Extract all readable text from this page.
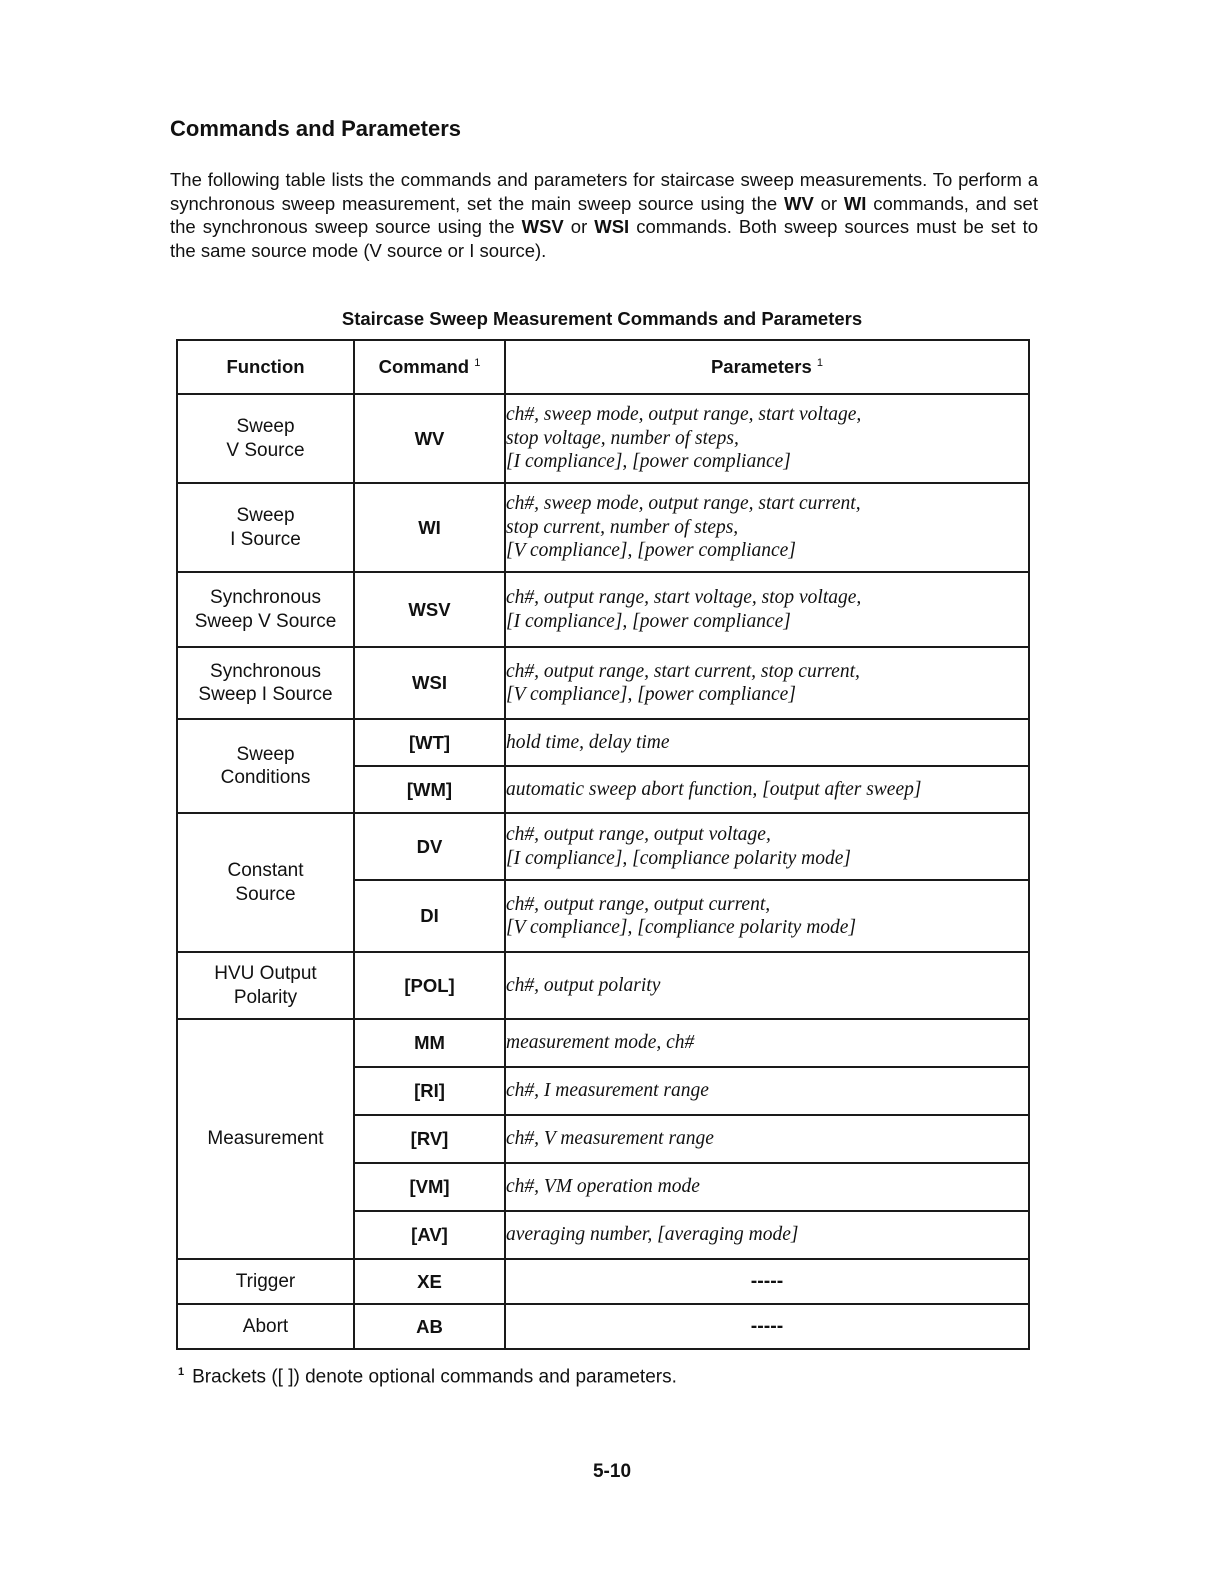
Commands and Parameters

The following table lists the commands and parameters for staircase sweep measurements. To perform a synchronous sweep measurement, set the main sweep source using the WV or WI commands, and set the synchronous sweep source using the WSV or WSI commands. Both sweep sources must be set to the same source mode (V source or I source).

Staircase Sweep Measurement Commands and Parameters
Function	Command $^1$	Parameters $^1$
Sweep
V Source	WV	ch#, sweep mode, output range, start voltage,
stop voltage, number of steps,
[I compliance], [power compliance]
Sweep
I Source	WI	ch#, sweep mode, output range, start current,
stop current, number of steps,
[V compliance], [power compliance]
Synchronous
Sweep V Source	WSV	ch#, output range, start voltage, stop voltage,
[I compliance], [power compliance]
Synchronous
Sweep I Source	WSI	ch#, output range, start current, stop current,
[V compliance], [power compliance]
Sweep
Conditions	[WT]	hold time, delay time
	[WM]	automatic sweep abort function, [output after sweep]
Constant
Source	DV	ch#, output range, output voltage,
[I compliance], [compliance polarity mode]
	DI	ch#, output range, output current,
[V compliance], [compliance polarity mode]
HVU Output
Polarity	[POL]	ch#, output polarity
Measurement	MM	measurement mode, ch#
	[RI]	ch#, I measurement range
	[RV]	ch#, V measurement range
	[VM]	ch#, VM operation mode
	[AV]	averaging number, [averaging mode]
Trigger	XE	-----
Abort	AB	-----
$^1$ Brackets ([ ]) denote optional commands and parameters.
5-10
